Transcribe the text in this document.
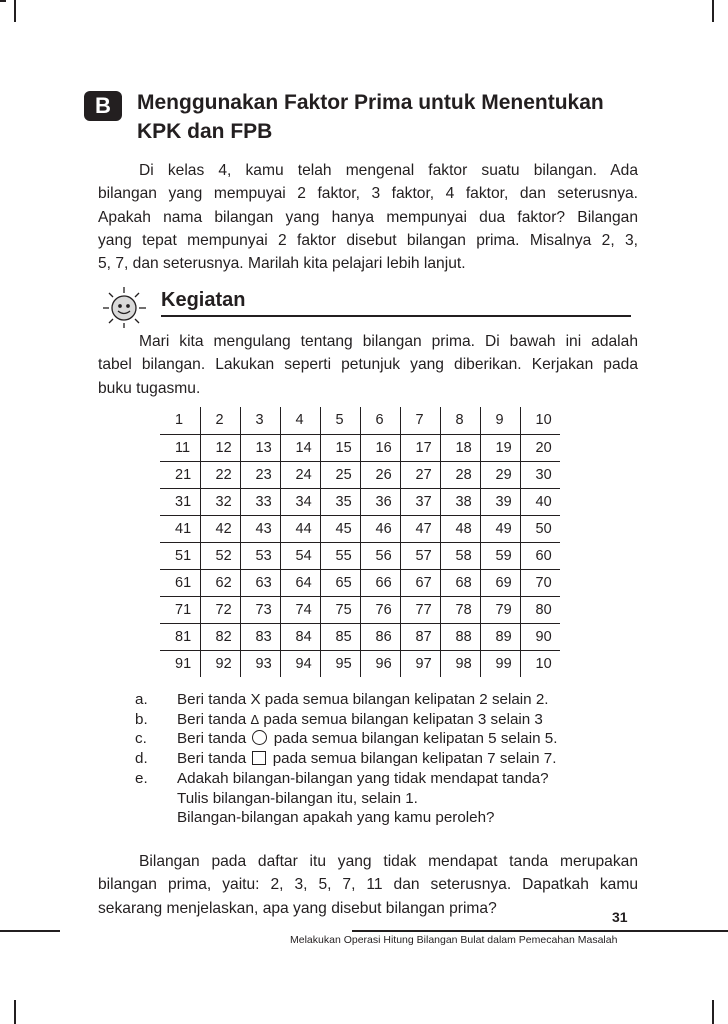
B	Menggunakan Faktor Prima untuk Menentukan
KPK dan FPB
Di kelas 4, kamu telah mengenal faktor suatu bilangan. Ada
bilangan yang mempuyai 2 faktor, 3 faktor, 4 faktor, dan seterusnya.
Apakah nama bilangan yang hanya mempunyai dua faktor? Bilangan
yang tepat mempunyai 2 faktor disebut bilangan prima. Misalnya 2, 3,
5, 7, dan seterusnya. Marilah kita pelajari lebih lanjut.
Kegiatan
Mari kita mengulang tentang bilangan prima. Di bawah ini adalah
tabel bilangan. Lakukan seperti petunjuk yang diberikan. Kerjakan pada
buku tugasmu.
1	2	3	4	5	6	7	8	9	10
11	12	13	14	15	16	17	18	19	20
21	22	23	24	25	26	27	28	29	30
31	32	33	34	35	36	37	38	39	40
41	42	43	44	45	46	47	48	49	50
51	52	53	54	55	56	57	58	59	60
61	62	63	64	65	66	67	68	69	70
71	72	73	74	75	76	77	78	79	80
81	82	83	84	85	86	87	88	89	90
91	92	93	94	95	96	97	98	99	10
a.	Beri tanda X pada semua bilangan kelipatan 2 selain 2.
b.	Beri tanda Δ pada semua bilangan kelipatan 3 selain 3
c.	Beri tanda pada semua bilangan kelipatan 5 selain 5.
d.	Beri tanda pada semua bilangan kelipatan 7 selain 7.
e.	Adakah bilangan-bilangan yang tidak mendapat tanda?
Tulis bilangan-bilangan itu, selain 1.
Bilangan-bilangan apakah yang kamu peroleh?
Bilangan pada daftar itu yang tidak mendapat tanda merupakan
bilangan prima, yaitu: 2, 3, 5, 7, 11 dan seterusnya. Dapatkah kamu
sekarang menjelaskan, apa yang disebut bilangan prima?
31
Melakukan Operasi Hitung Bilangan Bulat dalam Pemecahan Masalah
